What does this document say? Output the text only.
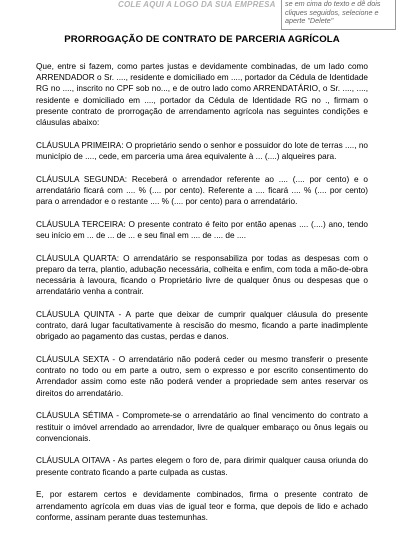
COLE AQUI A LOGO DA SUA EMPRESA	se em cima do texto e dê dois cliques seguidos, selecione e aperte "Delete"
PRORROGAÇÃO DE CONTRATO DE PARCERIA AGRÍCOLA

Que, entre si fazem, como partes justas e devidamente combinadas, de um lado como ARRENDADOR o Sr. ...., residente e domiciliado em ...., portador da Cédula de Identidade RG no ...., inscrito no CPF sob no..., e de outro lado como ARRENDATÁRIO, o Sr. ...., ...., residente e domiciliado em ...., portador da Cédula de Identidade RG no ., firmam o presente contrato de prorrogação de arrendamento agrícola nas seguintes condições e cláusulas abaixo:

CLÁUSULA PRIMEIRA: O proprietário sendo o senhor e possuidor do lote de terras ...., no município de ...., cede, em parceria uma área equivalente à ... (....) alqueires para.

CLÁUSULA SEGUNDA: Receberá o arrendador referente ao .... (.... por cento) e o arrendatário ficará com .... % (.... por cento). Referente a .... ficará .... % (.... por cento) para o arrendador e o restante .... % (.... por cento) para o arrendatário.

CLÁUSULA TERCEIRA: O presente contrato é feito por então apenas .... (....) ano, tendo seu início em ... de ... de ... e seu final em .... de .... de ....

CLÁUSULA QUARTA: O arrendatário se responsabiliza por todas as despesas com o preparo da terra, plantio, adubação necessária, colheita e enfim, com toda a mão-de-obra necessária à lavoura, ficando o Proprietário livre de qualquer ônus ou despesas que o arrendatário venha a contrair.

CLÁUSULA QUINTA - A parte que deixar de cumprir qualquer cláusula do presente contrato, dará lugar facultativamente à rescisão do mesmo, ficando a parte inadimplente obrigado ao pagamento das custas, perdas e danos.

CLÁUSULA SEXTA - O arrendatário não poderá ceder ou mesmo transferir o presente contrato no todo ou em parte a outro, sem o expresso e por escrito consentimento do Arrendador assim como este não poderá vender a propriedade sem antes reservar os direitos do arrendatário.

CLÁUSULA SÉTIMA - Compromete-se o arrendatário ao final vencimento do contrato a restituir o imóvel arrendado ao arrendador, livre de qualquer embaraço ou ônus legais ou convencionais.

CLÁUSULA OITAVA - As partes elegem o foro de, para dirimir qualquer causa oriunda do presente contrato ficando a parte culpada as custas.

E, por estarem certos e devidamente combinados, firma o presente contrato de arrendamento agrícola em duas vias de igual teor e forma, que depois de lido e achado conforme, assinam perante duas testemunhas.
